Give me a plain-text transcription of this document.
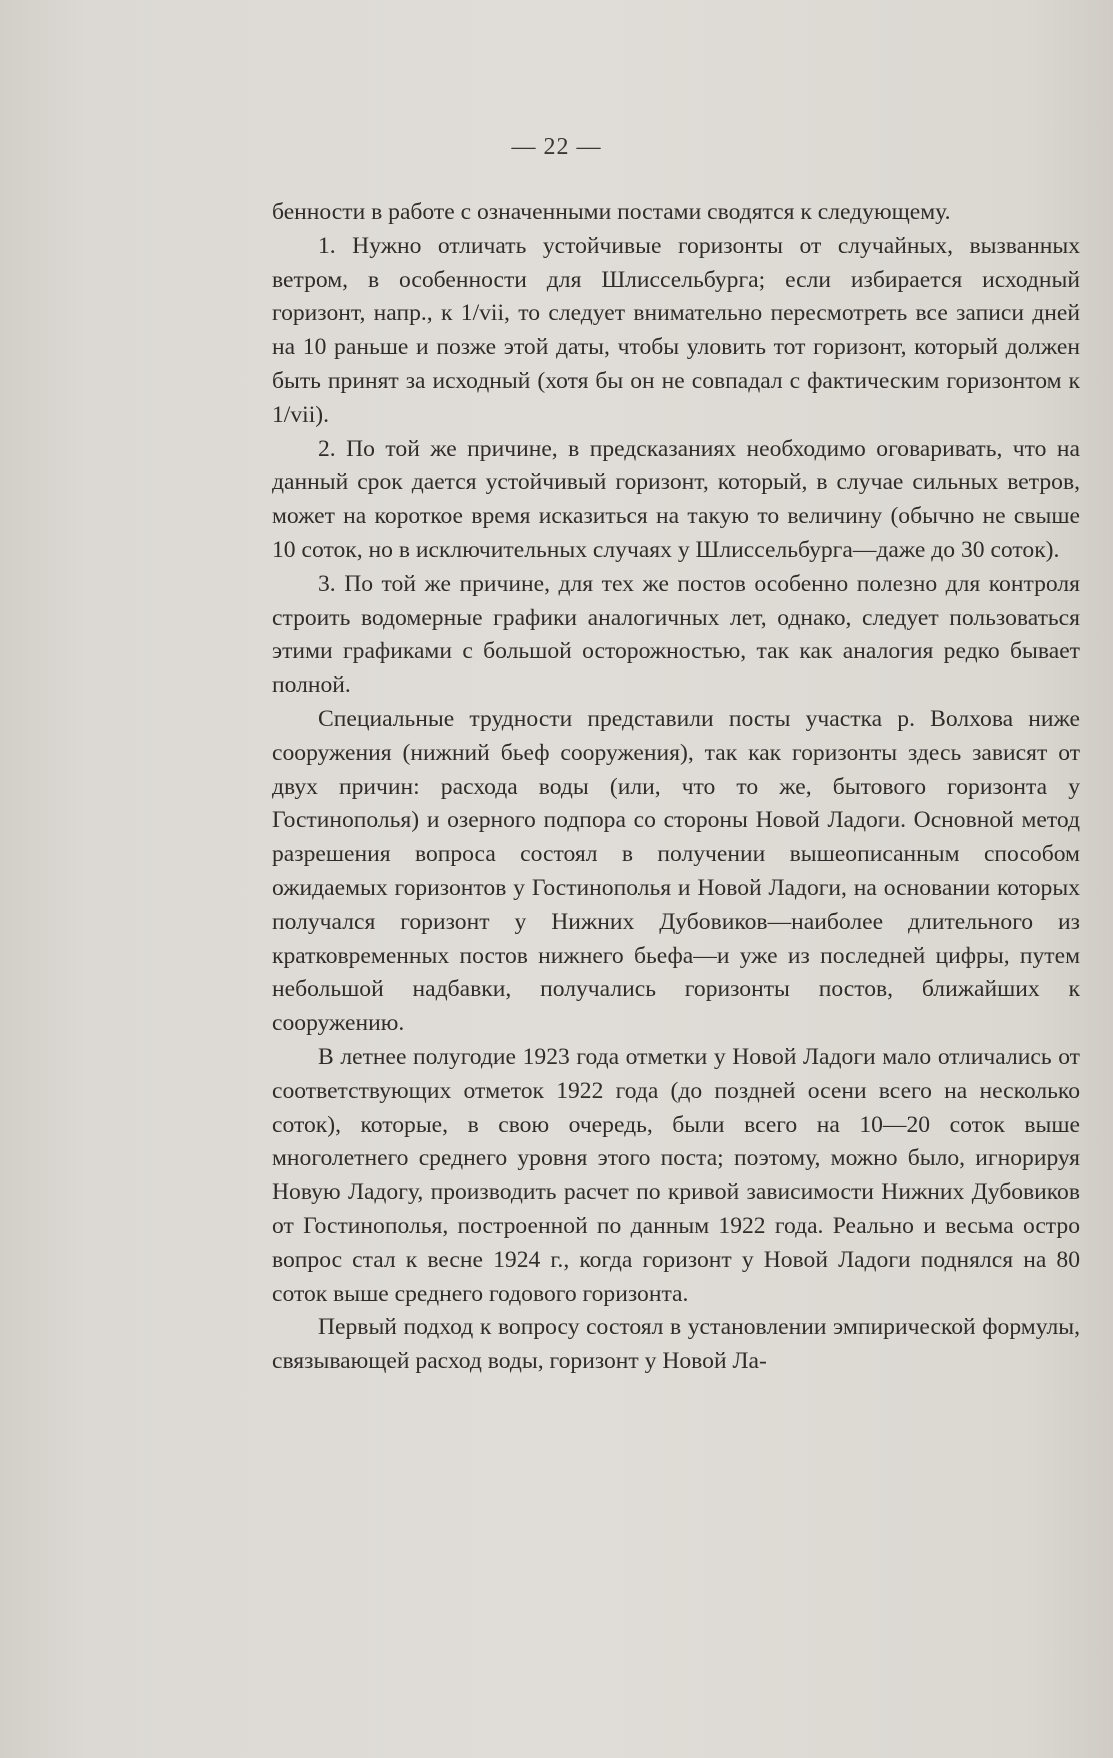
— 22 —

бенности в работе с означенными постами сводятся к следующему.

1. Нужно отличать устойчивые горизонты от случайных, вызванных ветром, в особенности для Шлиссельбурга; если избирается исходный горизонт, напр., к 1/vii, то следует внимательно пересмотреть все записи дней на 10 раньше и позже этой даты, чтобы уловить тот горизонт, который должен быть принят за исходный (хотя бы он не совпадал с фактическим горизонтом к 1/vii).

2. По той же причине, в предсказаниях необходимо оговаривать, что на данный срок дается устойчивый горизонт, который, в случае сильных ветров, может на короткое время исказиться на такую то величину (обычно не свыше 10 соток, но в исключительных случаях у Шлиссельбурга—даже до 30 соток).

3. По той же причине, для тех же постов особенно полезно для контроля строить водомерные графики аналогичных лет, однако, следует пользоваться этими графиками с большой осторожностью, так как аналогия редко бывает полной.

Специальные трудности представили посты участка р. Волхова ниже сооружения (нижний бьеф сооружения), так как горизонты здесь зависят от двух причин: расхода воды (или, что то же, бытового горизонта у Гостинополья) и озерного подпора со стороны Новой Ладоги. Основной метод разрешения вопроса состоял в получении вышеописанным способом ожидаемых горизонтов у Гостинополья и Новой Ладоги, на основании которых получался горизонт у Нижних Дубовиков—наиболее длительного из кратковременных постов нижнего бьефа—и уже из последней цифры, путем небольшой надбавки, получались горизонты постов, ближайших к сооружению.

В летнее полугодие 1923 года отметки у Новой Ладоги мало отличались от соответствующих отметок 1922 года (до поздней осени всего на несколько соток), которые, в свою очередь, были всего на 10—20 соток выше многолетнего среднего уровня этого поста; поэтому, можно было, игнорируя Новую Ладогу, производить расчет по кривой зависимости Нижних Дубовиков от Гостинополья, построенной по данным 1922 года. Реально и весьма остро вопрос стал к весне 1924 г., когда горизонт у Новой Ладоги поднялся на 80 соток выше среднего годового горизонта.

Первый подход к вопросу состоял в установлении эмпирической формулы, связывающей расход воды, горизонт у Новой Ла-
